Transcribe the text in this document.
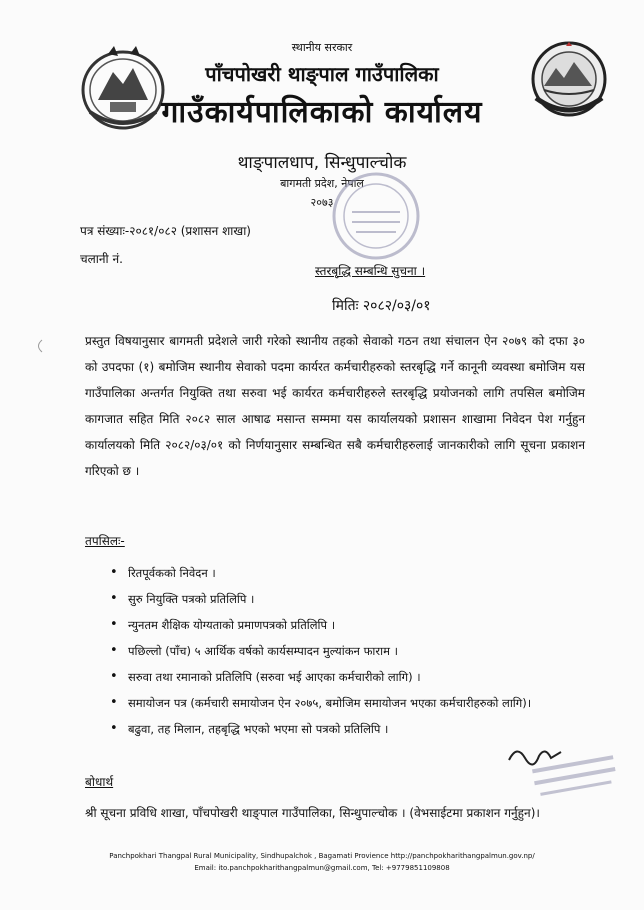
स्थानीय सरकार
पाँचपोखरी थाङ्पाल गाउँपालिका
गाउँकार्यपालिकाको कार्यालय
थाङ्पालधाप, सिन्धुपाल्चोक
बागमती प्रदेश, नेपाल
२०७३
पत्र संख्याः-२०८१/०८२ (प्रशासन शाखा)
चलानी नं.
स्तरबृद्धि सम्बन्धि सुचना ।
मितिः २०८२/०३/०१
प्रस्तुत विषयानुसार बागमती प्रदेशले जारी गरेको स्थानीय तहको सेवाको गठन तथा संचालन ऐन २०७९ को दफा ३० को उपदफा (१) बमोजिम स्थानीय सेवाको पदमा कार्यरत कर्मचारीहरुको स्तरबृद्धि गर्ने कानूनी व्यवस्था बमोजिम यस गाउँपालिका अन्तर्गत नियुक्ति तथा सरुवा भई कार्यरत कर्मचारीहरुले स्तरबृद्धि प्रयोजनको लागि तपसिल बमोजिम कागजात सहित मिति २०८२ साल आषाढ मसान्त सम्ममा यस कार्यालयको प्रशासन शाखामा निवेदन पेश गर्नुहुन कार्यालयको मिति २०८२/०३/०१ को निर्णयानुसार सम्बन्धित सबै कर्मचारीहरुलाई जानकारीको लागि सूचना प्रकाशन गरिएको छ ।
तपसिलः-
• रितपूर्वकको निवेदन ।
• सुरु नियुक्ति पत्रको प्रतिलिपि ।
• न्युनतम शैक्षिक योग्यताको प्रमाणपत्रको प्रतिलिपि ।
• पछिल्लो (पाँच) ५ आर्थिक वर्षको कार्यसम्पादन मुल्यांकन फाराम ।
• सरुवा तथा रमानाको प्रतिलिपि (सरुवा भई आएका कर्मचारीको लागि) ।
• समायोजन पत्र (कर्मचारी समायोजन ऐन २०७५, बमोजिम समायोजन भएका कर्मचारीहरुको लागि)।
• बढुवा, तह मिलान, तहबृद्धि भएको भएमा सो पत्रको प्रतिलिपि ।
बोधार्थ
श्री सूचना प्रविधि शाखा, पाँचपोखरी थाङ्पाल गाउँपालिका, सिन्धुपाल्चोक । (वेभसाईटमा प्रकाशन गर्नुहुन)।
Panchpokhari Thangpal Rural Municipality, Sindhupalchok , Bagamati Provience http://panchpokharithangpalmun.gov.np/
Email: ito.panchpokharithangpalmun@gmail.com, Tel: +9779851109808
